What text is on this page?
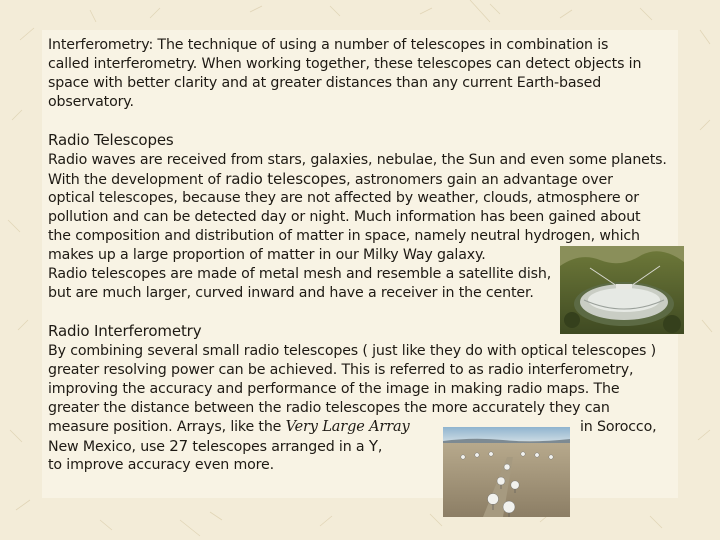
Interferometry: The technique of using a number of telescopes in combination is
called interferometry. When working together, these telescopes can detect objects in
space with better clarity and at greater distances than any current Earth-based
observatory.
Radio Telescopes
Radio waves are received from stars, galaxies, nebulae, the Sun and even some planets.
With the development of radio telescopes, astronomers gain an advantage over
optical telescopes, because they are not affected by weather, clouds, atmosphere or
pollution and can be detected day or night. Much information has been gained about
the composition and distribution of matter in space, namely neutral hydrogen, which
makes up a large proportion of matter in our Milky Way galaxy.
Radio telescopes are made of metal mesh and resemble a satellite dish,
but are much larger, curved inward and have a receiver in the center.
Radio Interferometry
By combining several small radio telescopes ( just like they do with optical telescopes )
greater resolving power can be achieved. This is referred to as radio interferometry,
improving the accuracy and performance of the image in making radio maps. The
greater the distance between the radio telescopes the more accurately they can
measure position. Arrays, like the Very Large Array	in Sorocco,
New Mexico, use 27 telescopes arranged in a Y,
to improve accuracy even more.
